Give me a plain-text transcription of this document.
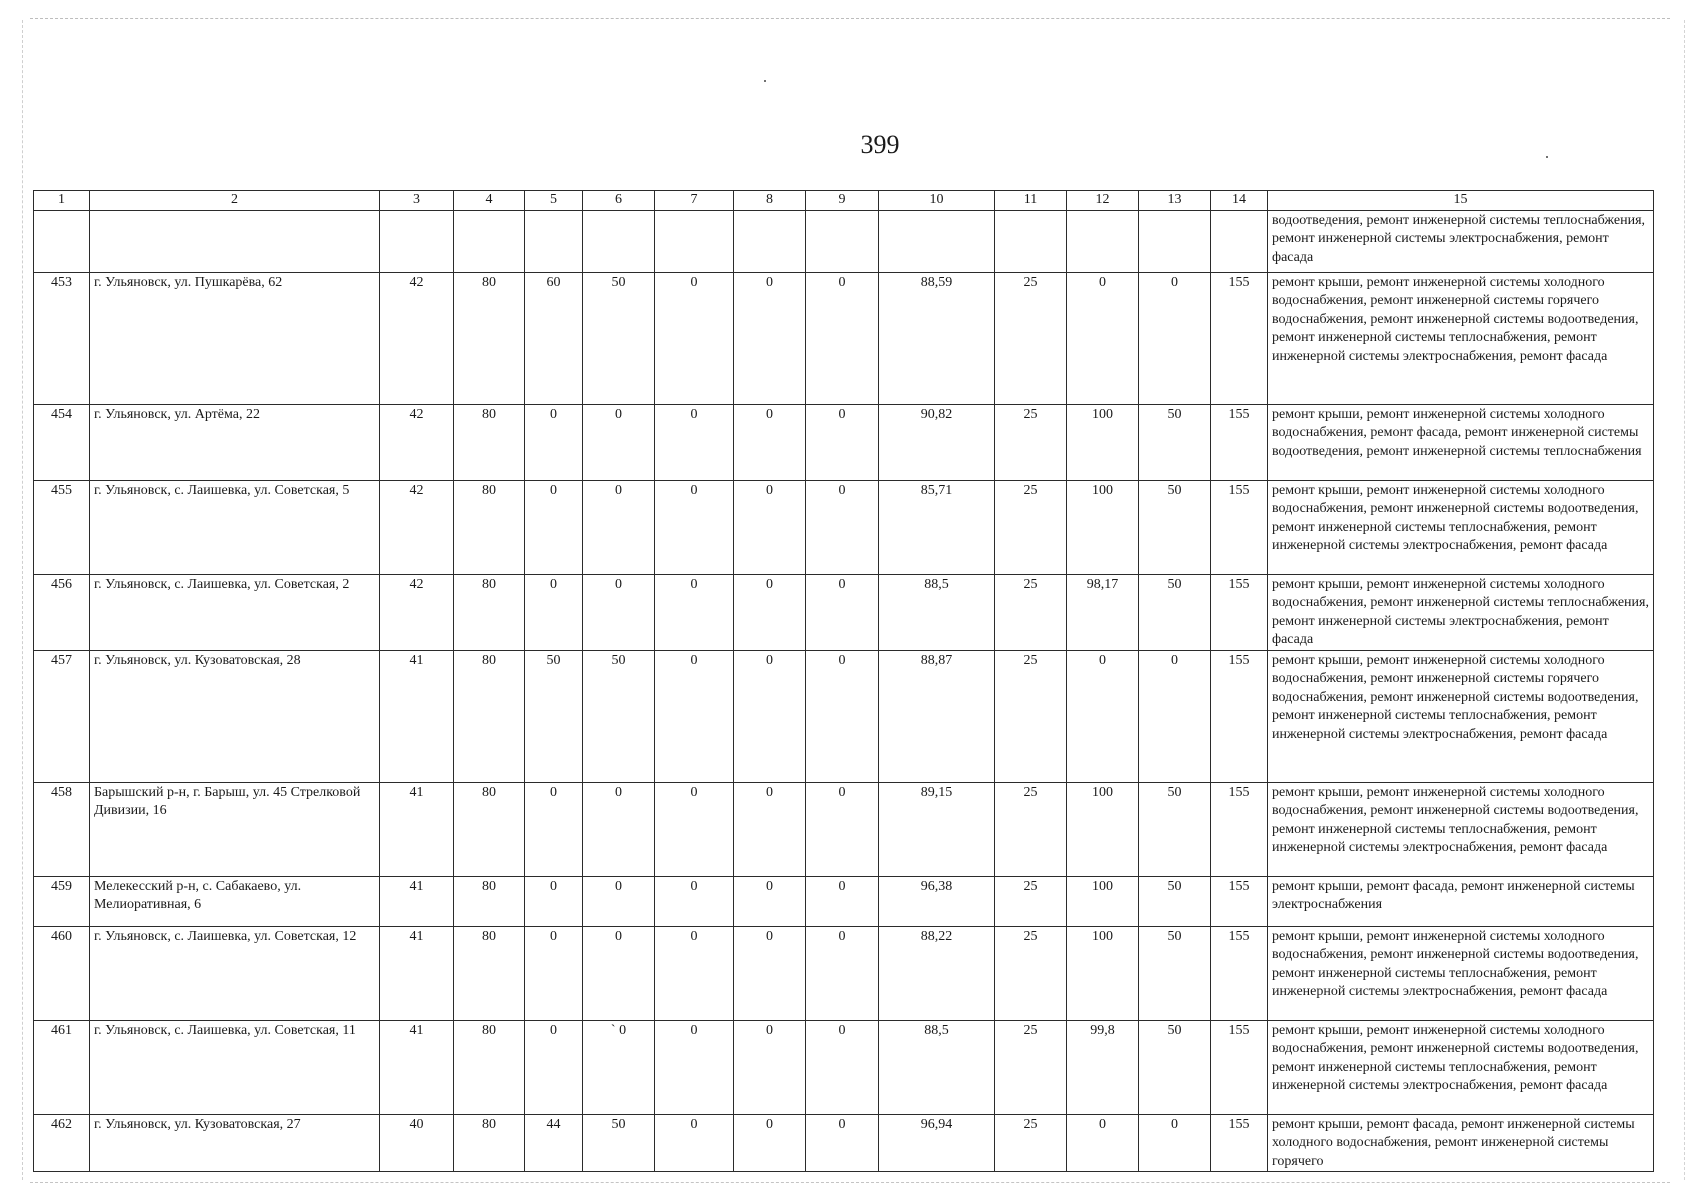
399
1	2	3	4	5	6	7	8	9	10	11	12	13	14	15
														водоотведения, ремонт инженерной системы теплоснабжения, ремонт инженерной системы электроснабжения, ремонт фасада
453	г. Ульяновск, ул. Пушкарёва, 62	42	80	60	50	0	0	0	88,59	25	0	0	155	ремонт крыши, ремонт инженерной системы холодного водоснабжения, ремонт инженерной системы горячего водоснабжения, ремонт инженерной системы водоотведения, ремонт инженерной системы теплоснабжения, ремонт инженерной системы электроснабжения, ремонт фасада
454	г. Ульяновск, ул. Артёма, 22	42	80	0	0	0	0	0	90,82	25	100	50	155	ремонт крыши, ремонт инженерной системы холодного водоснабжения, ремонт фасада, ремонт инженерной системы водоотведения, ремонт инженерной системы теплоснабжения
455	г. Ульяновск, с. Лаишевка, ул. Советская, 5	42	80	0	0	0	0	0	85,71	25	100	50	155	ремонт крыши, ремонт инженерной системы холодного водоснабжения, ремонт инженерной системы водоотведения, ремонт инженерной системы теплоснабжения, ремонт инженерной системы электроснабжения, ремонт фасада
456	г. Ульяновск, с. Лаишевка, ул. Советская, 2	42	80	0	0	0	0	0	88,5	25	98,17	50	155	ремонт крыши, ремонт инженерной системы холодного водоснабжения, ремонт инженерной системы теплоснабжения, ремонт инженерной системы электроснабжения, ремонт фасада
457	г. Ульяновск, ул. Кузоватовская, 28	41	80	50	50	0	0	0	88,87	25	0	0	155	ремонт крыши, ремонт инженерной системы холодного водоснабжения, ремонт инженерной системы горячего водоснабжения, ремонт инженерной системы водоотведения, ремонт инженерной системы теплоснабжения, ремонт инженерной системы электроснабжения, ремонт фасада
458	Барышский р-н, г. Барыш, ул. 45 Стрелковой Дивизии, 16	41	80	0	0	0	0	0	89,15	25	100	50	155	ремонт крыши, ремонт инженерной системы холодного водоснабжения, ремонт инженерной системы водоотведения, ремонт инженерной системы теплоснабжения, ремонт инженерной системы электроснабжения, ремонт фасада
459	Мелекесский р-н, с. Сабакаево, ул. Мелиоративная, 6	41	80	0	0	0	0	0	96,38	25	100	50	155	ремонт крыши, ремонт фасада, ремонт инженерной системы электроснабжения
460	г. Ульяновск, с. Лаишевка, ул. Советская, 12	41	80	0	0	0	0	0	88,22	25	100	50	155	ремонт крыши, ремонт инженерной системы холодного водоснабжения, ремонт инженерной системы водоотведения, ремонт инженерной системы теплоснабжения, ремонт инженерной системы электроснабжения, ремонт фасада
461	г. Ульяновск, с. Лаишевка, ул. Советская, 11	41	80	0	` 0	0	0	0	88,5	25	99,8	50	155	ремонт крыши, ремонт инженерной системы холодного водоснабжения, ремонт инженерной системы водоотведения, ремонт инженерной системы теплоснабжения, ремонт инженерной системы электроснабжения, ремонт фасада
462	г. Ульяновск, ул. Кузоватовская, 27	40	80	44	50	0	0	0	96,94	25	0	0	155	ремонт крыши, ремонт фасада, ремонт инженерной системы холодного водоснабжения, ремонт инженерной системы горячего
